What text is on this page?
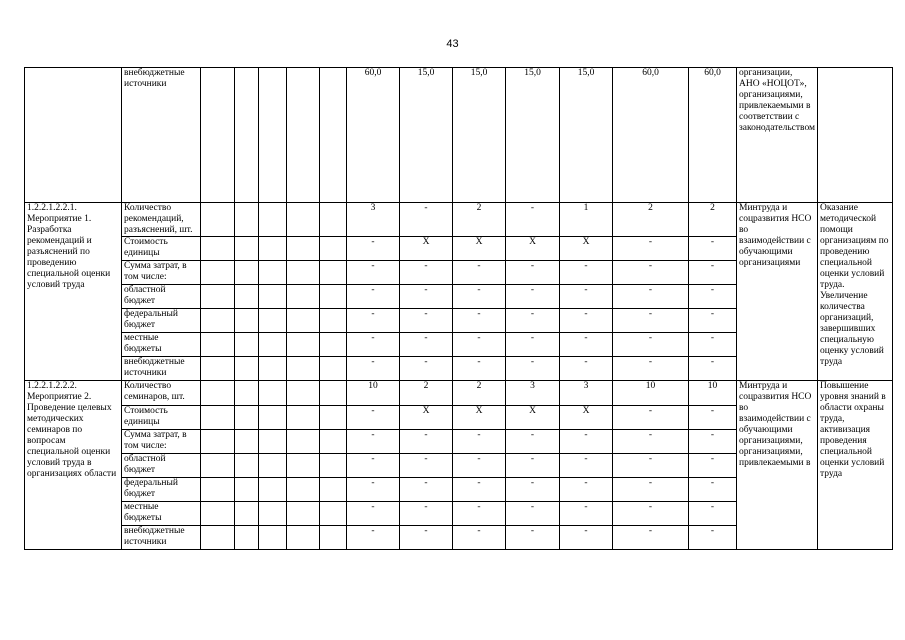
43
	внебюджетные источники						60,0	15,0	15,0	15,0	15,0	60,0	60,0	организации, АНО «НОЦОТ», организациями, привлекаемыми в соответствии с законодательством	
1.2.2.1.2.2.1. Мероприятие 1. Разработка рекомендаций и разъяснений по проведению специальной оценки условий труда	Количество рекомендаций, разъяснений, шт.						3	-	2	-	1	2	2	Минтруда и соцразвития НСО во взаимодействии с обучающими организациями	Оказание методической помощи организациям по проведению специальной оценки условий труда. Увеличение количества организаций, завершивших специальную оценку условий труда
	Стоимость единицы						-	X	X	X	X	-	-		
	Сумма затрат, в том числе:						-	-	-	-	-	-	-		
	областной бюджет						-	-	-	-	-	-	-		
	федеральный бюджет						-	-	-	-	-	-	-		
	местные бюджеты						-	-	-	-	-	-	-		
	внебюджетные источники						-	-	-	-	-	-	-		
1.2.2.1.2.2.2. Мероприятие 2. Проведение целевых методических семинаров по вопросам специальной оценки условий труда в организациях области	Количество семинаров, шт.						10	2	2	3	3	10	10	Минтруда и соцразвития НСО во взаимодействии с обучающими организациями, организациями, привлекаемыми в	Повышение уровня знаний в области охраны труда, активизация проведения специальной оценки условий труда
	Стоимость единицы						-	X	X	X	X	-	-		
	Сумма затрат, в том числе:						-	-	-	-	-	-	-		
	областной бюджет						-	-	-	-	-	-	-		
	федеральный бюджет						-	-	-	-	-	-	-		
	местные бюджеты						-	-	-	-	-	-	-		
	внебюджетные источники						-	-	-	-	-	-	-		
